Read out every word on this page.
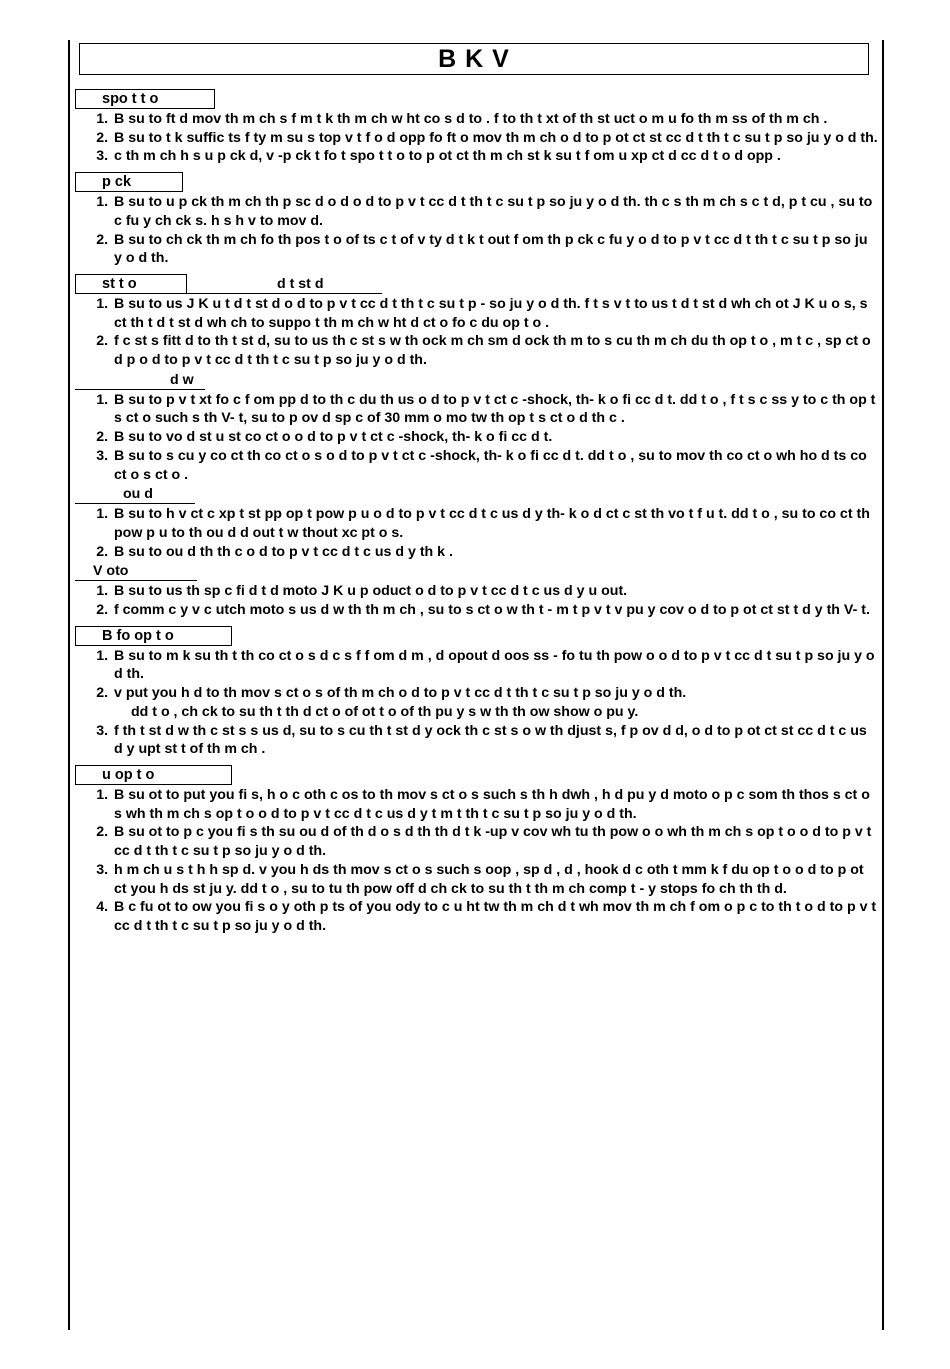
B K V
spo t t o
1. B su to ft d mov th m ch s f m t k th m ch w ht co s d to . f to th t xt of th st uct o m u fo th m ss of th m ch .
2. B su to t k suffic ts f ty m su s top v t f o d opp fo ft o mov th m ch o d to p ot ct st cc d t th t c su t p so ju y o d th.
3. c th m ch h s u p ck d, v -p ck t fo t spo t t o to p ot ct th m ch st k su t f om u xp ct d cc d t o d opp .
p ck
1. B su to u p ck th m ch th p sc d o d o d to p v t cc d t th t c su t p so ju y o d th. th c s th m ch s c t d, p t cu , su to c fu y ch ck s. h s h v to mov d.
2. B su to ch ck th m ch fo th pos t o of ts c t of v ty d t k t out f om th p ck c fu y o d to p v t cc d t th t c su t p so ju y o d th.
st t o	d t st d
1. B su to us J K u t d t st d o d to p v t cc d t th t c su t p - so ju y o d th. f t s v t to us t d t st d wh ch ot J K u o s, s ct th t d t st d wh ch to suppo t th m ch w ht d ct o fo c du op t o .
2. f c st s fitt d to th t st d, su to us th c st s w th ock m ch sm d ock th m to s cu th m ch du th op t o , m t c , sp ct o d p o d to p v t cc d t th t c su t p so ju y o d th.
d w
1. B su to p v t xt fo c f om pp d to th c du th us o d to p v t ct c -shock, th- k o fi cc d t. dd t o , f t s c ss y to c th op t s ct o such s th V- t, su to p ov d sp c of 30 mm o mo tw th op t s ct o d th c .
2. B su to vo d st u st co ct o o d to p v t ct c -shock, th- k o fi cc d t.
3. B su to s cu y co ct th co ct o s o d to p v t ct c -shock, th- k o fi cc d t. dd t o , su to mov th co ct o wh ho d ts co ct o s ct o .
ou d
1. B su to h v ct c xp t st pp op t pow p u o d to p v t cc d t c us d y th- k o d ct c st th vo t f u t. dd t o , su to co ct th pow p u to th ou d d out t w thout xc pt o s.
2. B su to ou d th th c o d to p v t cc d t c us d y th k .
V oto
1. B su to us th sp c fi d t d moto J K u p oduct o d to p v t cc d t c us d y u out.
2. f comm c y v c utch moto s us d w th th m ch , su to s ct o w th t - m t p v t v pu y cov o d to p ot ct st t d y th V- t.
B fo op t o
1. B su to m k su th t th co ct o s d c s f f om d m , d opout d oos ss - fo tu th pow o o d to p v t cc d t su t p so ju y o d th.
2. v put you h d to th mov s ct o s of th m ch o d to p v t cc d t th t c su t p so ju y o d th.
dd t o , ch ck to su th t th d ct o of ot t o of th pu y s w th th ow show o pu y.
3. f th t st d w th c st s s us d, su to s cu th t st d y ock th c st s o w th djust s, f p ov d d, o d to p ot ct st cc d t c us d y upt st t of th m ch .
u op t o
1. B su ot to put you fi s, h o c oth c os to th mov s ct o s such s th h dwh , h d pu y d moto o p c som th thos s ct o s wh th m ch s op t o o d to p v t cc d t c us d y t m t th t c su t p so ju y o d th.
2. B su ot to p c you fi s th su ou d of th d o s d th th d t k -up v cov wh tu th pow o o wh th m ch s op t o o d to p v t cc d t th t c su t p so ju y o d th.
3. h m ch u s t h h sp d. v you h ds th mov s ct o s such s oop , sp d , d , hook d c oth t mm k f du op t o o d to p ot ct you h ds st ju y. dd t o , su to tu th pow off d ch ck to su th t th m ch comp t - y stops fo ch th th d.
4. B c fu ot to ow you fi s o y oth p ts of you ody to c u ht tw th m ch d t wh mov th m ch f om o p c to th t o d to p v t cc d t th t c su t p so ju y o d th.
